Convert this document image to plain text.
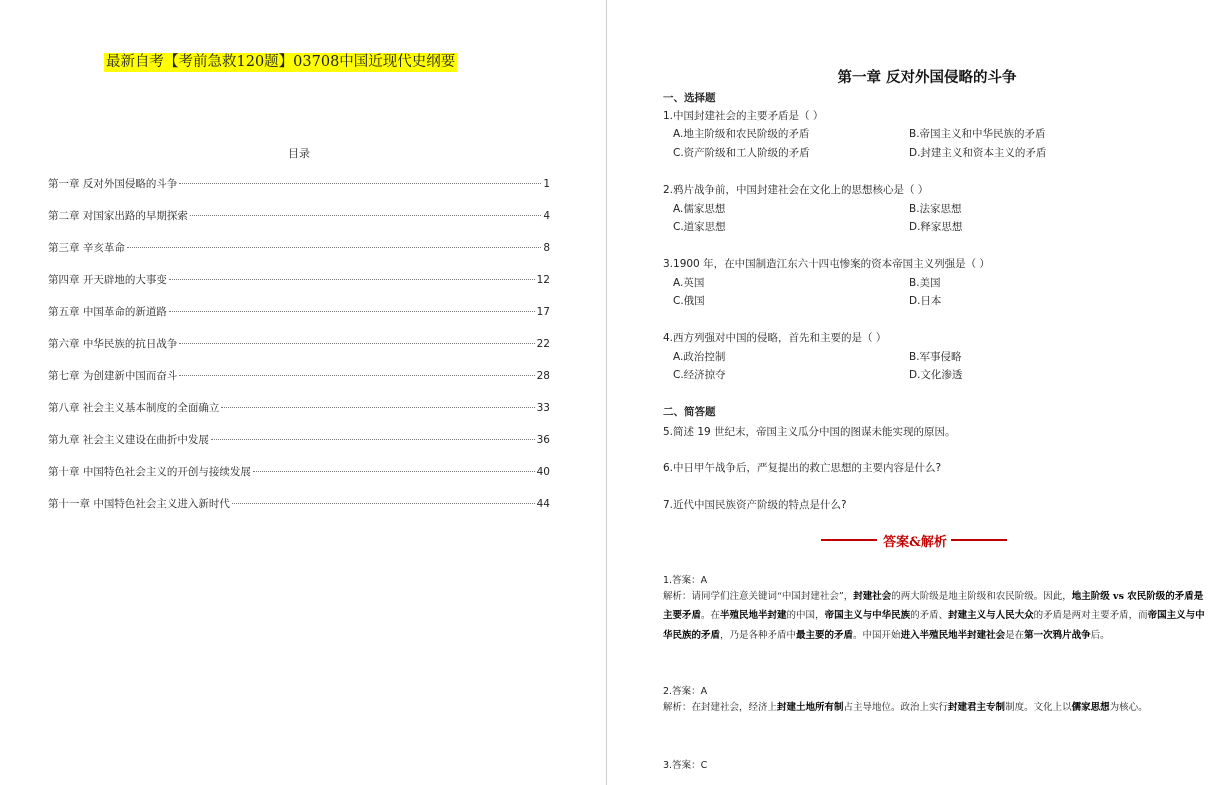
最新自考【考前急救120题】03708中国近现代史纲要
目录
第一章 反对外国侵略的斗争	1
第二章 对国家出路的早期探索	4
第三章 辛亥革命	8
第四章 开天辟地的大事变	12
第五章 中国革命的新道路	17
第六章 中华民族的抗日战争	22
第七章 为创建新中国而奋斗	28
第八章 社会主义基本制度的全面确立	33
第九章 社会主义建设在曲折中发展	36
第十章 中国特色社会主义的开创与接续发展	40
第十一章 中国特色社会主义进入新时代	44
第一章 反对外国侵略的斗争
一、选择题
1.中国封建社会的主要矛盾是（ ）
A.地主阶级和农民阶级的矛盾	B.帝国主义和中华民族的矛盾
C.资产阶级和工人阶级的矛盾	D.封建主义和资本主义的矛盾
2.鸦片战争前，中国封建社会在文化上的思想核心是（ ）
A.儒家思想	B.法家思想
C.道家思想	D.释家思想
3.1900 年，在中国制造江东六十四屯惨案的资本帝国主义列强是（ ）
A.英国	B.美国
C.俄国	D.日本
4.西方列强对中国的侵略，首先和主要的是（ ）
A.政治控制	B.军事侵略
C.经济掠夺	D.文化渗透
二、简答题
5.简述 19 世纪末，帝国主义瓜分中国的图谋未能实现的原因。
6.中日甲午战争后，严复提出的救亡思想的主要内容是什么?
7.近代中国民族资产阶级的特点是什么?
答案&解析
1.答案：A
解析：请同学们注意关键词“中国封建社会”，封建社会的两大阶级是地主阶级和农民阶级。因此，地主阶级 vs 农民阶级的矛盾是主要矛盾。在半殖民地半封建的中国，帝国主义与中华民族的矛盾、封建主义与人民大众的矛盾是两对主要矛盾，而帝国主义与中华民族的矛盾，乃是各种矛盾中最主要的矛盾。中国开始进入半殖民地半封建社会是在第一次鸦片战争后。
2.答案：A
解析：在封建社会，经济上封建土地所有制占主导地位。政治上实行封建君主专制制度。文化上以儒家思想为核心。
3.答案：C
